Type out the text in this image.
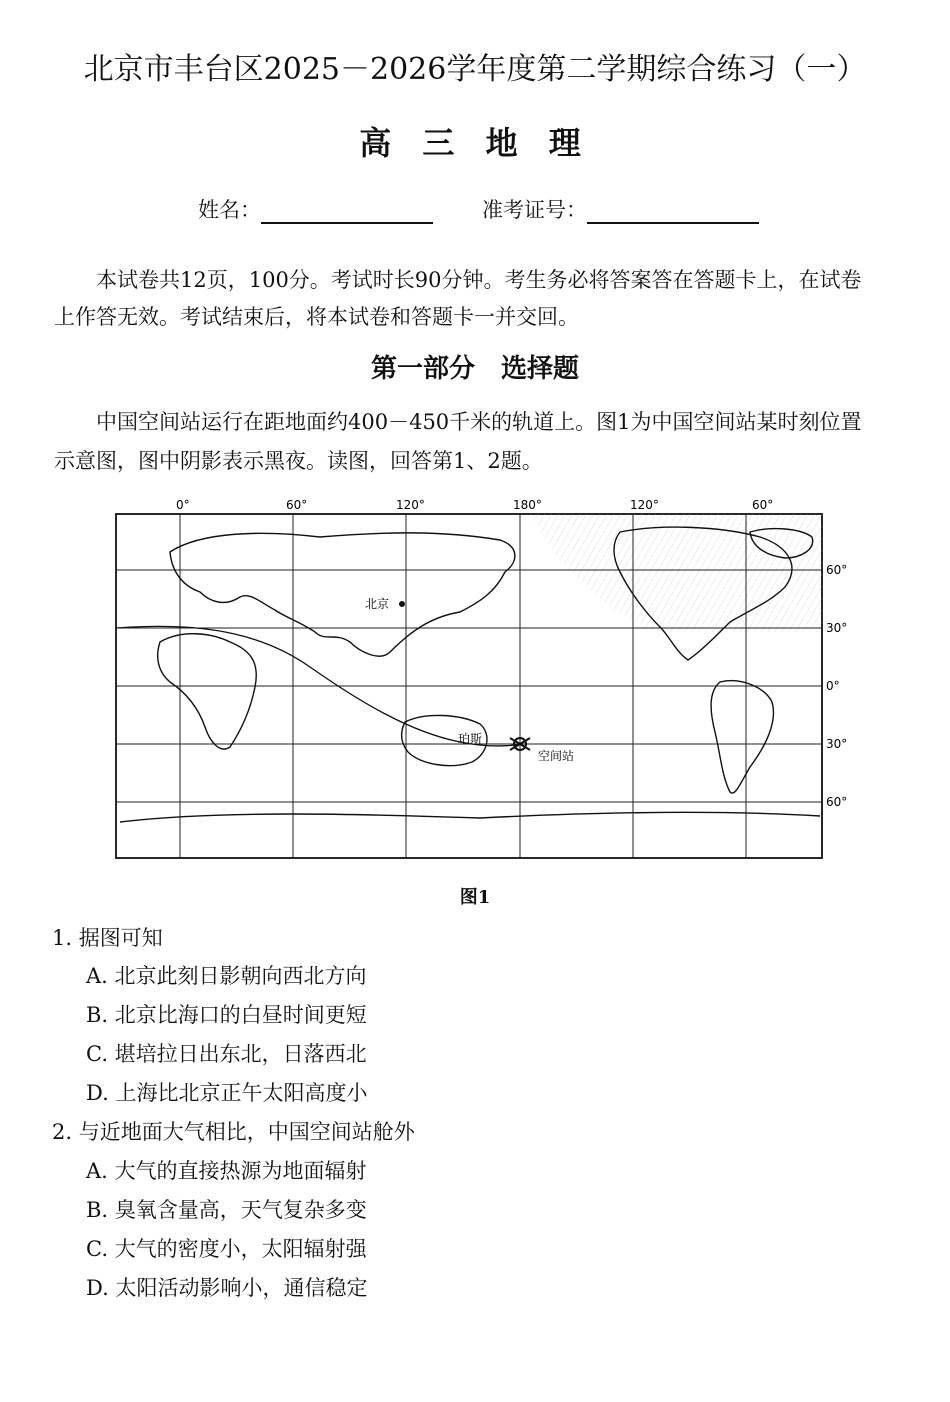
北京市丰台区2025－2026学年度第二学期综合练习（一）
高 三 地 理
姓名：	准考证号：
本试卷共12页，100分。考试时长90分钟。考生务必将答案答在答题卡上，在试卷
上作答无效。考试结束后，将本试卷和答题卡一并交回。
第一部分　选择题
中国空间站运行在距地面约400－450千米的轨道上。图1为中国空间站某时刻位置
示意图，图中阴影表示黑夜。读图，回答第1、2题。
0°	60°	120°	180°	120°	60°
60°
30°
0°
30°
60°
北京
珀斯
空间站
图1
1. 据图可知
A. 北京此刻日影朝向西北方向
B. 北京比海口的白昼时间更短
C. 堪培拉日出东北，日落西北
D. 上海比北京正午太阳高度小
2. 与近地面大气相比，中国空间站舱外
A. 大气的直接热源为地面辐射
B. 臭氧含量高，天气复杂多变
C. 大气的密度小，太阳辐射强
D. 太阳活动影响小，通信稳定
